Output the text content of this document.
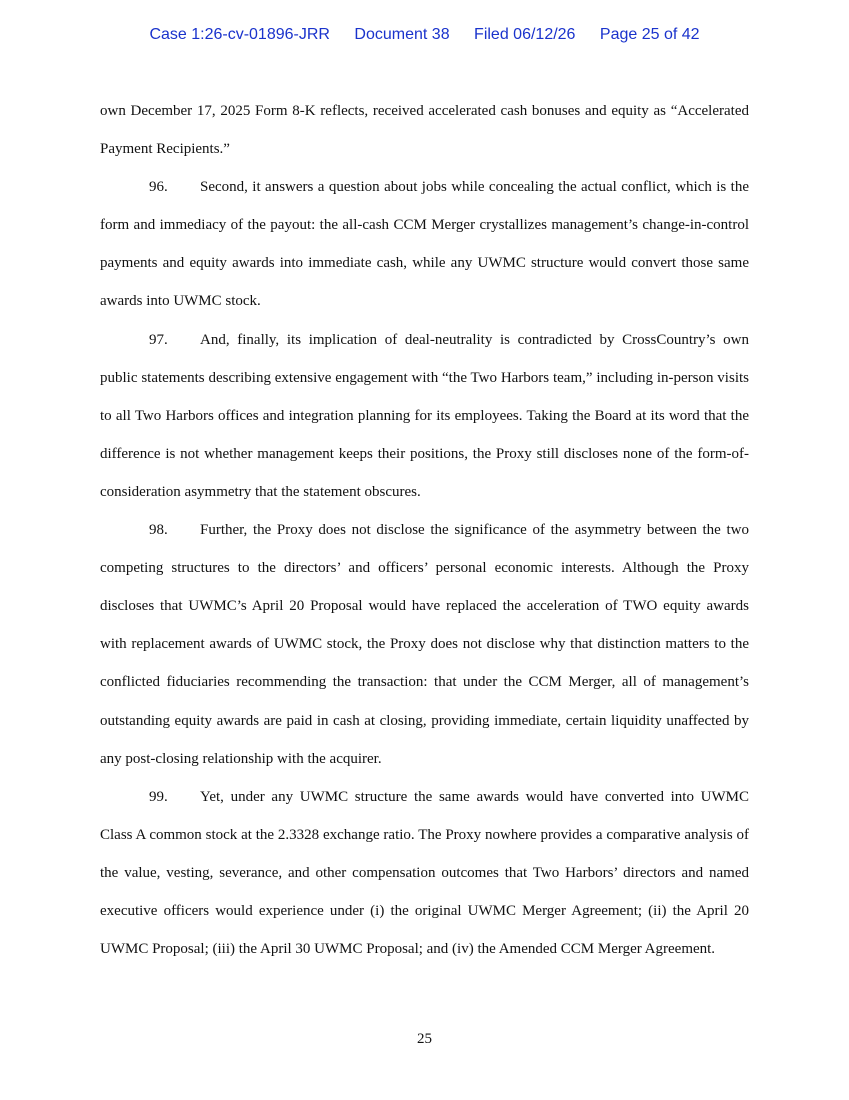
Case 1:26-cv-01896-JRR Document 38 Filed 06/12/26 Page 25 of 42

own December 17, 2025 Form 8-K reflects, received accelerated cash bonuses and equity as “Accelerated Payment Recipients.”

96. Second, it answers a question about jobs while concealing the actual conflict, which is the form and immediacy of the payout: the all-cash CCM Merger crystallizes management’s change-in-control payments and equity awards into immediate cash, while any UWMC structure would convert those same awards into UWMC stock.

97. And, finally, its implication of deal-neutrality is contradicted by CrossCountry’s own public statements describing extensive engagement with “the Two Harbors team,” including in-person visits to all Two Harbors offices and integration planning for its employees. Taking the Board at its word that the difference is not whether management keeps their positions, the Proxy still discloses none of the form-of-consideration asymmetry that the statement obscures.

98. Further, the Proxy does not disclose the significance of the asymmetry between the two competing structures to the directors’ and officers’ personal economic interests. Although the Proxy discloses that UWMC’s April 20 Proposal would have replaced the acceleration of TWO equity awards with replacement awards of UWMC stock, the Proxy does not disclose why that distinction matters to the conflicted fiduciaries recommending the transaction: that under the CCM Merger, all of management’s outstanding equity awards are paid in cash at closing, providing immediate, certain liquidity unaffected by any post-closing relationship with the acquirer.

99. Yet, under any UWMC structure the same awards would have converted into UWMC Class A common stock at the 2.3328 exchange ratio. The Proxy nowhere provides a comparative analysis of the value, vesting, severance, and other compensation outcomes that Two Harbors’ directors and named executive officers would experience under (i) the original UWMC Merger Agreement; (ii) the April 20 UWMC Proposal; (iii) the April 30 UWMC Proposal; and (iv) the Amended CCM Merger Agreement.

25
